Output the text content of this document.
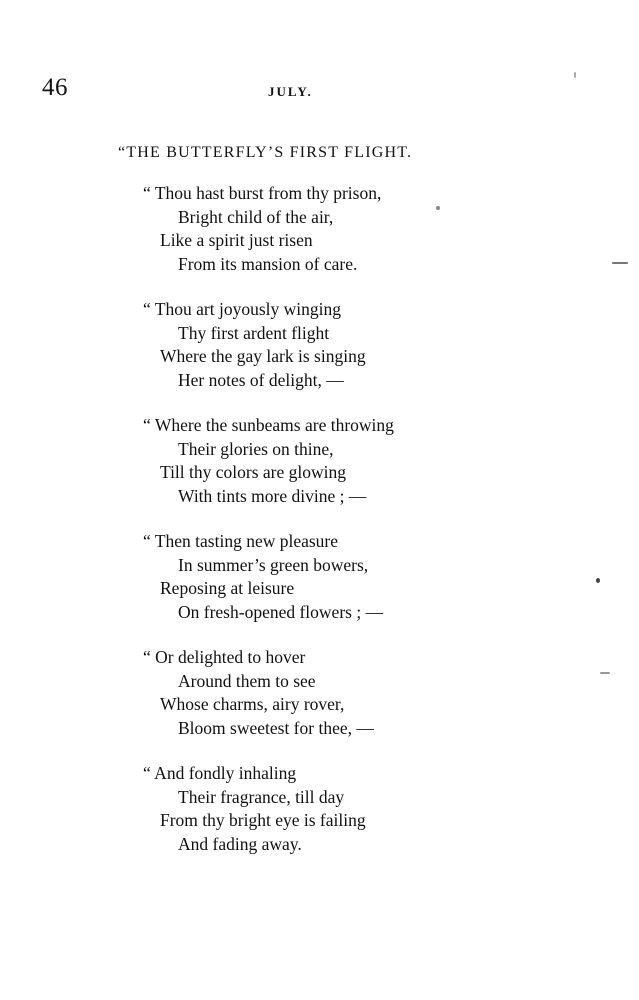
46	JULY.
“THE BUTTERFLY’S FIRST FLIGHT.
“ Thou hast burst from thy prison,
Bright child of the air,
Like a spirit just risen
From its mansion of care.
“ Thou art joyously winging
Thy first ardent flight
Where the gay lark is singing
Her notes of delight, —
“ Where the sunbeams are throwing
Their glories on thine,
Till thy colors are glowing
With tints more divine ; —
“ Then tasting new pleasure
In summer’s green bowers,
Reposing at leisure
On fresh-opened flowers ; —
“ Or delighted to hover
Around them to see
Whose charms, airy rover,
Bloom sweetest for thee, —
“ And fondly inhaling
Their fragrance, till day
From thy bright eye is failing
And fading away.
